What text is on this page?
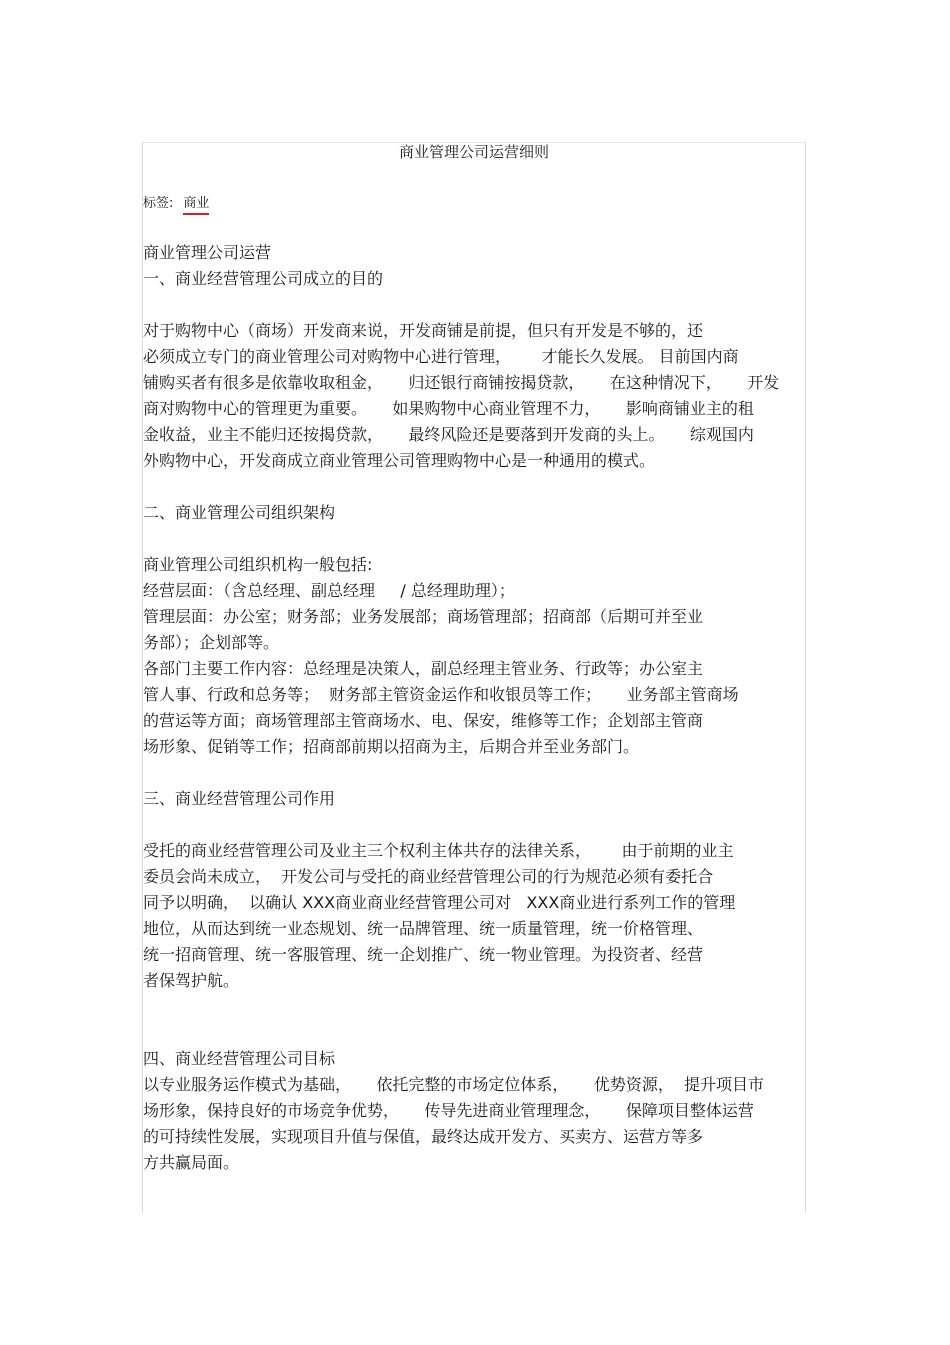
商业管理公司运营细则
标签: 商业

商业管理公司运营

一、商业经营管理公司成立的目的

对于购物中心（商场）开发商来说，开发商铺是前提，但只有开发是不够的，还

必须成立专门的商业管理公司对购物中心进行管理，      才能长久发展。 目前国内商

铺购买者有很多是依靠收取租金，     归还银行商铺按揭贷款，     在这种情况下，     开发

商对购物中心的管理更为重要。     如果购物中心商业管理不力，     影响商铺业主的租

金收益，业主不能归还按揭贷款，     最终风险还是要落到开发商的头上。     综观国内

外购物中心，开发商成立商业管理公司管理购物中心是一种通用的模式。

二、商业管理公司组织架构

商业管理公司组织机构一般包括:

经营层面：（含总经理、副总经理     / 总经理助理）；

管理层面：办公室；财务部；业务发展部；商场管理部；招商部（后期可并至业

务部）；企划部等。

各部门主要工作内容：总经理是决策人，副总经理主管业务、行政等；办公室主

管人事、行政和总务等；  财务部主管资金运作和收银员等工作；     业务部主管商场

的营运等方面；商场管理部主管商场水、电、保安，维修等工作；企划部主管商

场形象、促销等工作；招商部前期以招商为主，后期合并至业务部门。

三、商业经营管理公司作用

受托的商业经营管理公司及业主三个权利主体共存的法律关系，      由于前期的业主

委员会尚未成立，  开发公司与受托的商业经营管理公司的行为规范必须有委托合

同予以明确，  以确认 XXX商业商业经营管理公司对   XXX商业进行系列工作的管理

地位，从而达到统一业态规划、统一品牌管理、统一质量管理，统一价格管理、

统一招商管理、统一客服管理、统一企划推广、统一物业管理。为投资者、经营

者保驾护航。

四、商业经营管理公司目标

以专业服务运作模式为基础，     依托完整的市场定位体系，     优势资源，  提升项目市

场形象，保持良好的市场竞争优势，     传导先进商业管理理念，     保障项目整体运营

的可持续性发展，实现项目升值与保值，最终达成开发方、买卖方、运营方等多

方共赢局面。
